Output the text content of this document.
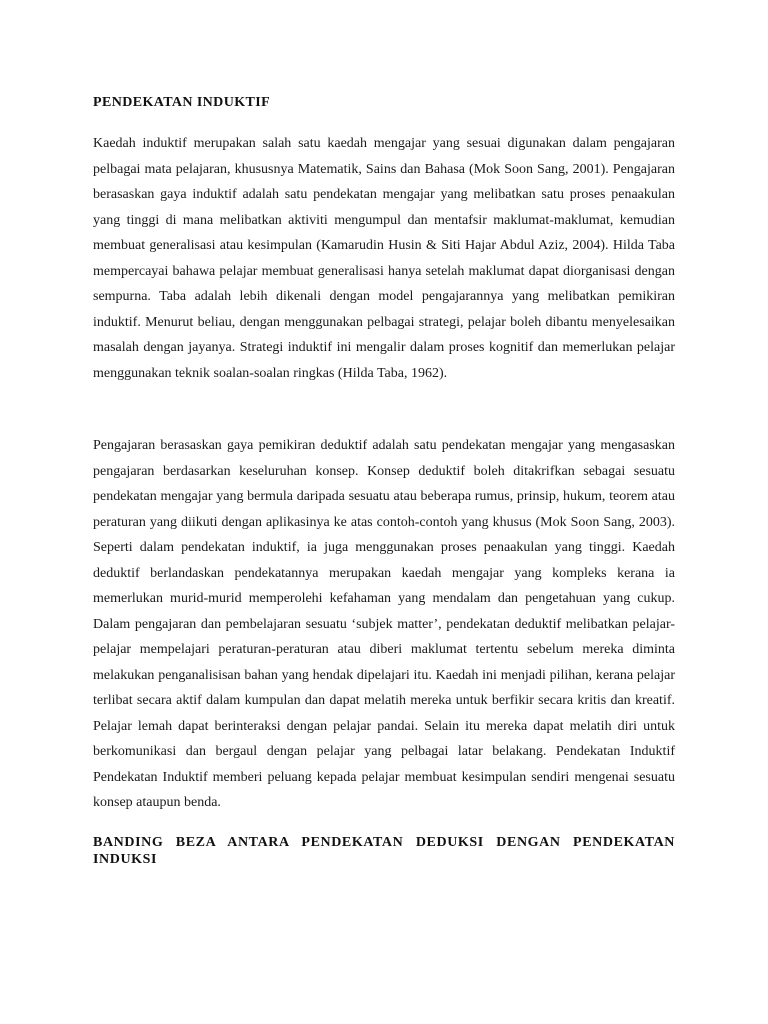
PENDEKATAN INDUKTIF

Kaedah induktif merupakan salah satu kaedah mengajar yang sesuai digunakan dalam pengajaran pelbagai mata pelajaran, khususnya Matematik, Sains dan Bahasa (Mok Soon Sang, 2001). Pengajaran berasaskan gaya induktif adalah satu pendekatan mengajar yang melibatkan satu proses penaakulan yang tinggi di mana melibatkan aktiviti mengumpul dan mentafsir maklumat-maklumat, kemudian membuat generalisasi atau kesimpulan (Kamarudin Husin & Siti Hajar Abdul Aziz, 2004). Hilda Taba mempercayai bahawa pelajar membuat generalisasi hanya setelah maklumat dapat diorganisasi dengan sempurna. Taba adalah lebih dikenali dengan model pengajarannya yang melibatkan pemikiran induktif. Menurut beliau, dengan menggunakan pelbagai strategi, pelajar boleh dibantu menyelesaikan masalah dengan jayanya. Strategi induktif ini mengalir dalam proses kognitif dan memerlukan pelajar menggunakan teknik soalan-soalan ringkas (Hilda Taba, 1962).

Pengajaran berasaskan gaya pemikiran deduktif adalah satu pendekatan mengajar yang mengasaskan pengajaran berdasarkan keseluruhan konsep. Konsep deduktif boleh ditakrifkan sebagai sesuatu pendekatan mengajar yang bermula daripada sesuatu atau beberapa rumus, prinsip, hukum, teorem atau peraturan yang diikuti dengan aplikasinya ke atas contoh-contoh yang khusus (Mok Soon Sang, 2003). Seperti dalam pendekatan induktif, ia juga menggunakan proses penaakulan yang tinggi. Kaedah deduktif berlandaskan pendekatannya merupakan kaedah mengajar yang kompleks kerana ia memerlukan murid-murid memperolehi kefahaman yang mendalam dan pengetahuan yang cukup. Dalam pengajaran dan pembelajaran sesuatu ‘subjek matter’, pendekatan deduktif melibatkan pelajar-pelajar mempelajari peraturan-peraturan atau diberi maklumat tertentu sebelum mereka diminta melakukan penganalisisan bahan yang hendak dipelajari itu. Kaedah ini menjadi pilihan, kerana pelajar terlibat secara aktif dalam kumpulan dan dapat melatih mereka untuk berfikir secara kritis dan kreatif. Pelajar lemah dapat berinteraksi dengan pelajar pandai. Selain itu mereka dapat melatih diri untuk berkomunikasi dan bergaul dengan pelajar yang pelbagai latar belakang. Pendekatan Induktif Pendekatan Induktif memberi peluang kepada pelajar membuat kesimpulan sendiri mengenai sesuatu konsep ataupun benda.

BANDING BEZA ANTARA PENDEKATAN DEDUKSI DENGAN PENDEKATAN INDUKSI
